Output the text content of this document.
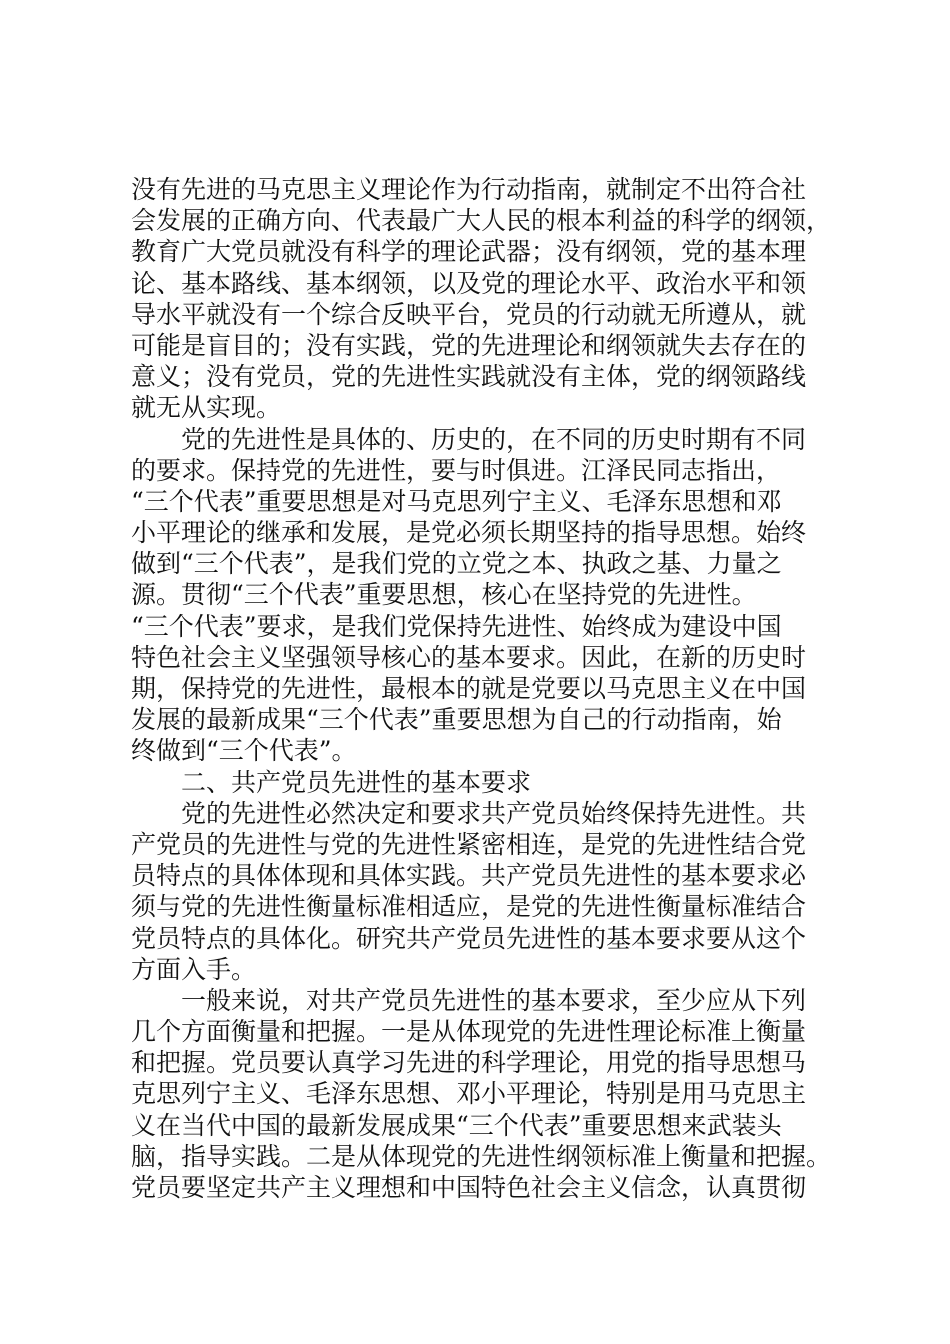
没有先进的马克思主义理论作为行动指南，就制定不出符合社
会发展的正确方向、代表最广大人民的根本利益的科学的纲领，
教育广大党员就没有科学的理论武器；没有纲领，党的基本理
论、基本路线、基本纲领，以及党的理论水平、政治水平和领
导水平就没有一个综合反映平台，党员的行动就无所遵从，就
可能是盲目的；没有实践，党的先进理论和纲领就失去存在的
意义；没有党员，党的先进性实践就没有主体，党的纲领路线
就无从实现。
　　党的先进性是具体的、历史的，在不同的历史时期有不同
的要求。保持党的先进性，要与时俱进。江泽民同志指出，
“三个代表”重要思想是对马克思列宁主义、毛泽东思想和邓
小平理论的继承和发展，是党必须长期坚持的指导思想。始终
做到“三个代表”，是我们党的立党之本、执政之基、力量之
源。贯彻“三个代表”重要思想，核心在坚持党的先进性。
“三个代表”要求，是我们党保持先进性、始终成为建设中国
特色社会主义坚强领导核心的基本要求。因此，在新的历史时
期，保持党的先进性，最根本的就是党要以马克思主义在中国
发展的最新成果“三个代表”重要思想为自己的行动指南，始
终做到“三个代表”。
　　二、共产党员先进性的基本要求
　　党的先进性必然决定和要求共产党员始终保持先进性。共
产党员的先进性与党的先进性紧密相连，是党的先进性结合党
员特点的具体体现和具体实践。共产党员先进性的基本要求必
须与党的先进性衡量标准相适应，是党的先进性衡量标准结合
党员特点的具体化。研究共产党员先进性的基本要求要从这个
方面入手。
　　一般来说，对共产党员先进性的基本要求，至少应从下列
几个方面衡量和把握。一是从体现党的先进性理论标准上衡量
和把握。党员要认真学习先进的科学理论，用党的指导思想马
克思列宁主义、毛泽东思想、邓小平理论，特别是用马克思主
义在当代中国的最新发展成果“三个代表”重要思想来武装头
脑，指导实践。二是从体现党的先进性纲领标准上衡量和把握。
党员要坚定共产主义理想和中国特色社会主义信念，认真贯彻
